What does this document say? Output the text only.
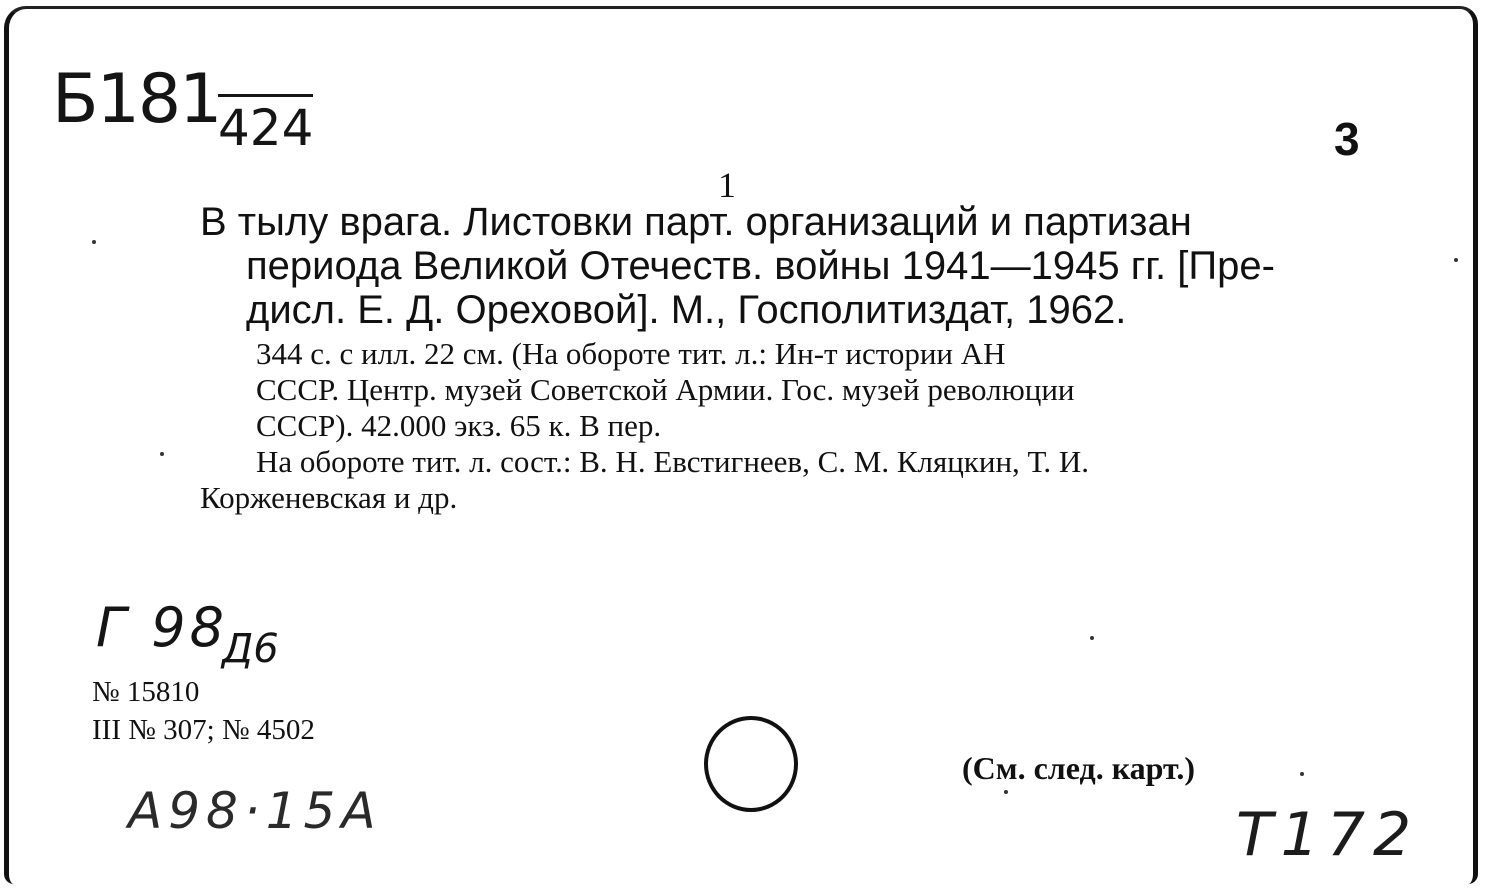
Б181
424	3
1
В тылу врага. Листовки парт. организаций и партизан
периода Великой Отечеств. войны 1941—1945 гг. [Пре-
дисл. Е. Д. Ореховой]. М., Госполитиздат, 1962.
344 с. с илл. 22 см. (На обороте тит. л.: Ин-т истории АН
СССР. Центр. музей Советской Армии. Гос. музей революции
СССР). 42.000 экз. 65 к. В пер.
На обороте тит. л. сост.: В. Н. Евстигнеев, С. М. Кляцкин, Т. И.
Корженевская и др.
Г 98
Д6
№ 15810
III № 307; № 4502
А98·15А
(См. след. карт.)
Т172
